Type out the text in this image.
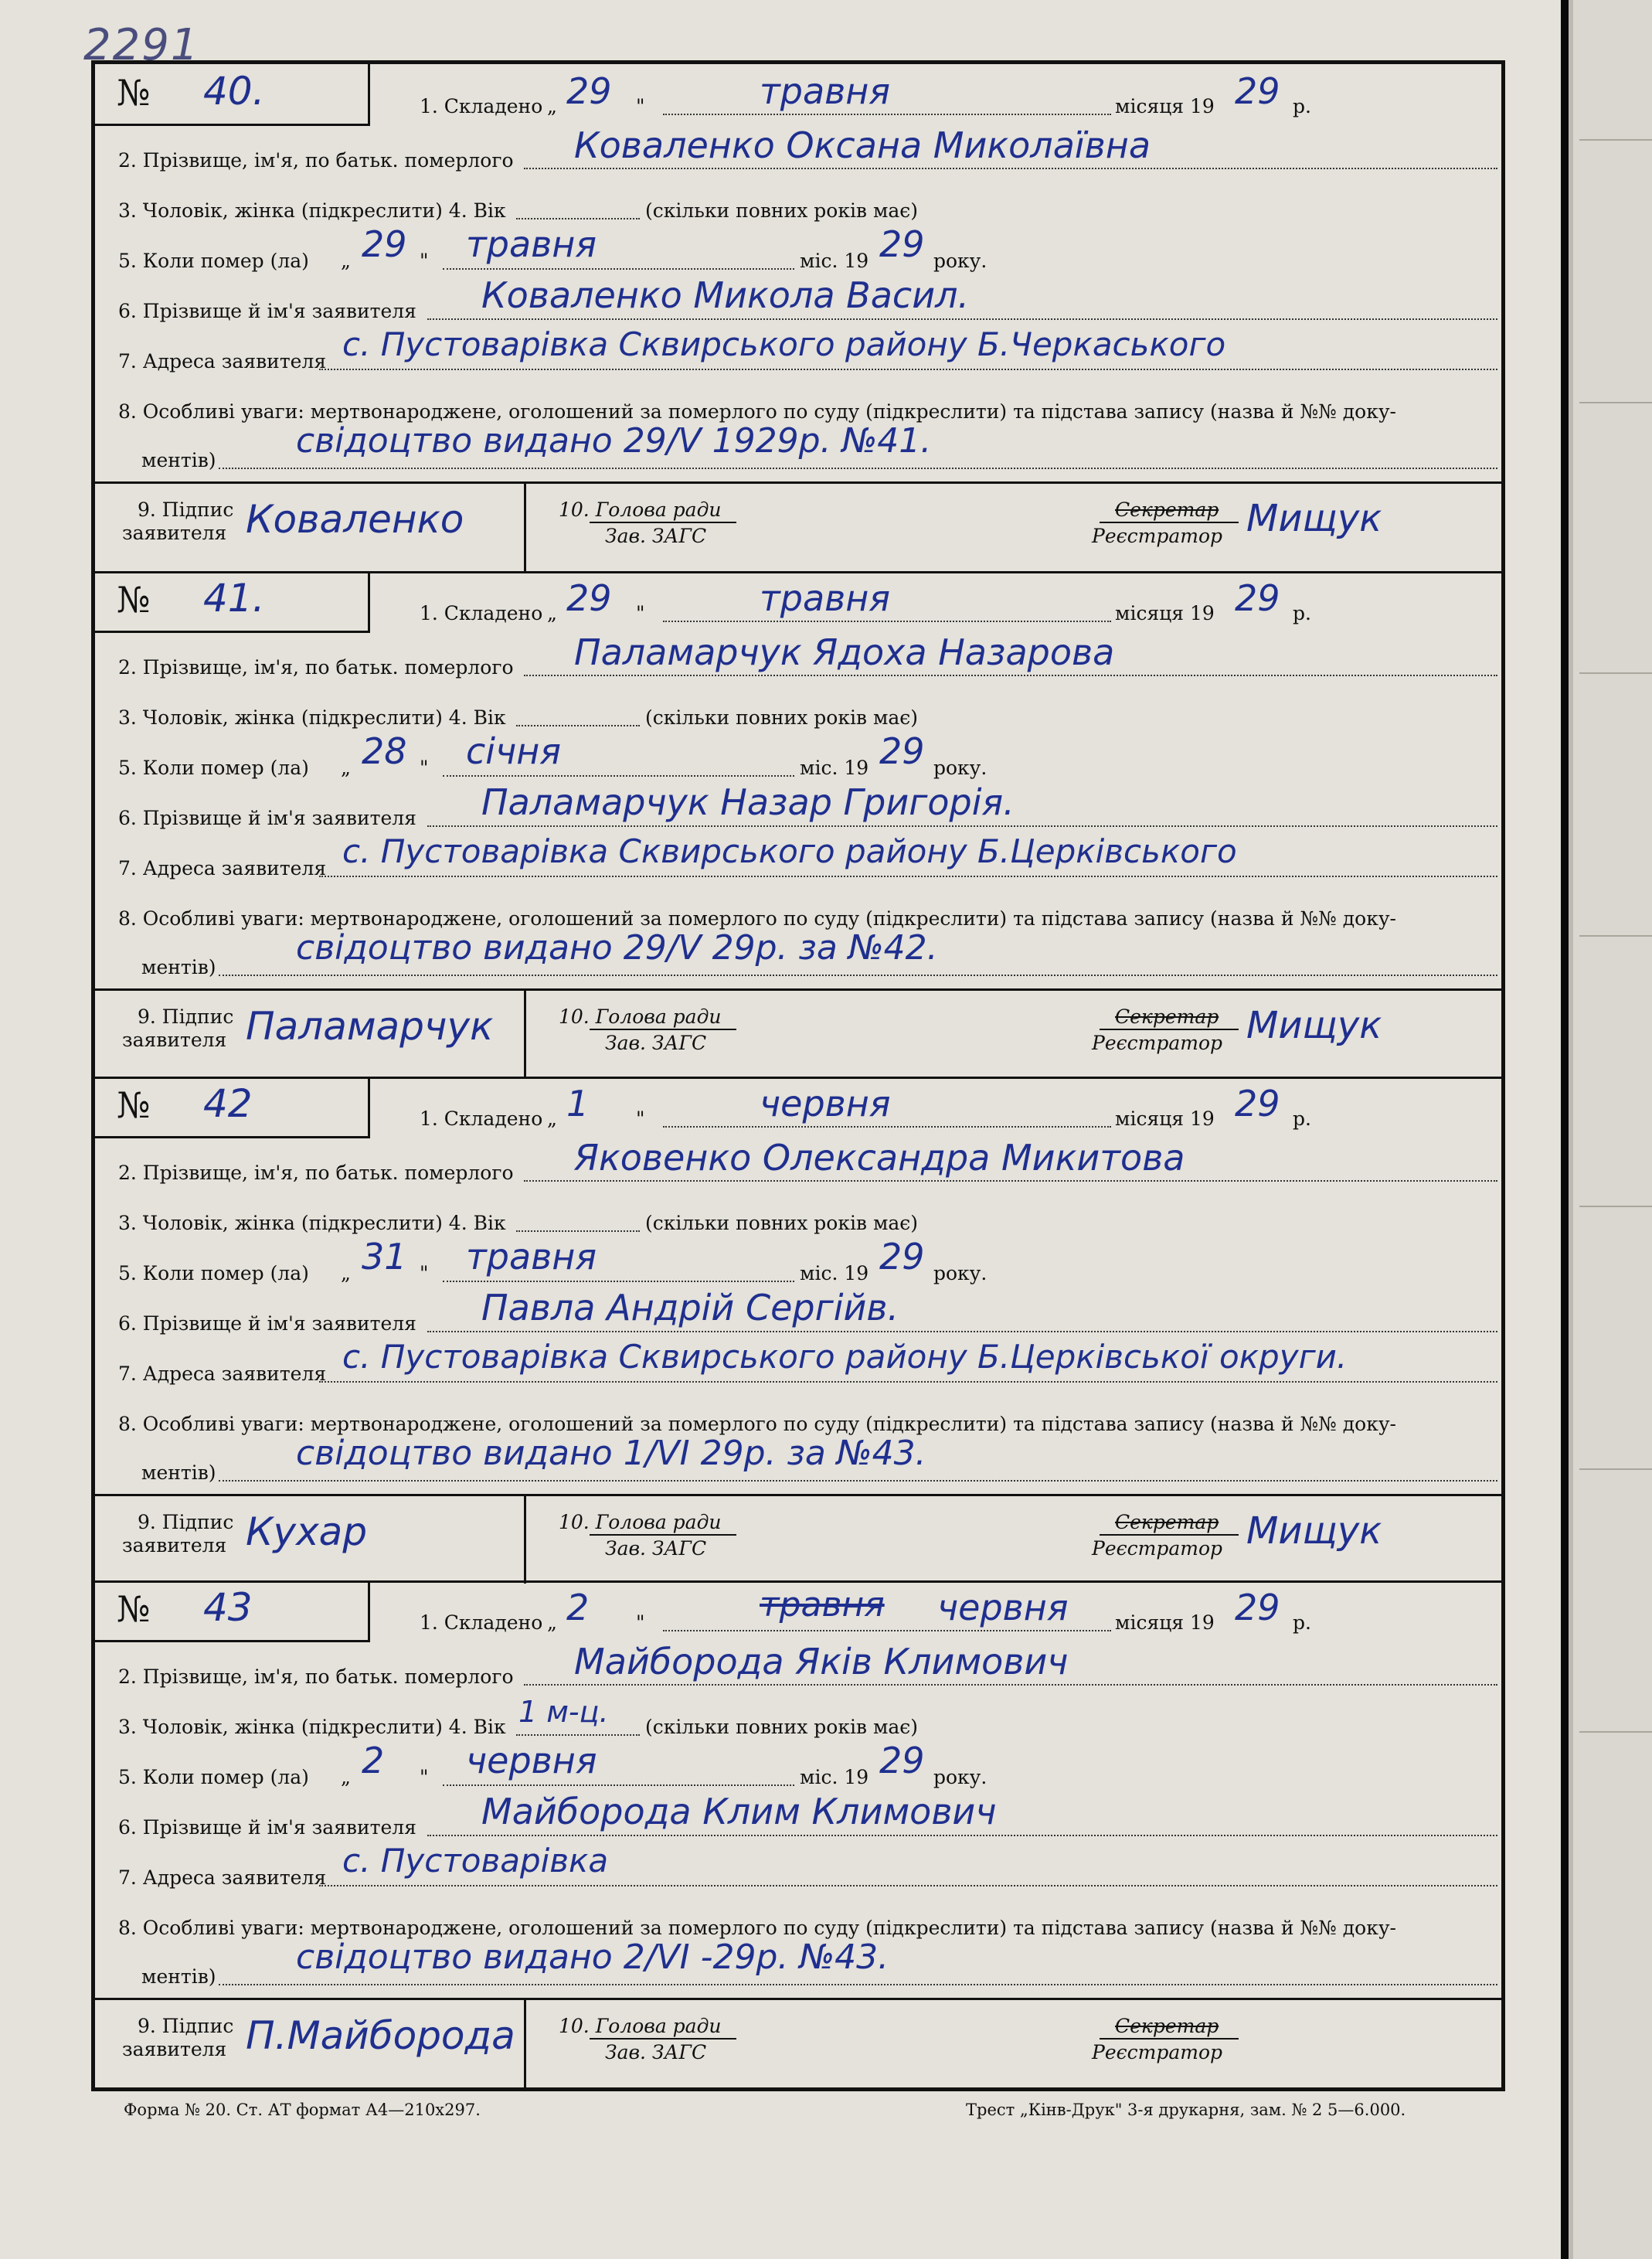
2291
№ 40.	1. Складено „ 29 "	травня	місяця 19 29 р.
2. Прізвище, ім'я, по батьк. померлого Коваленко Оксана Миколаївна
3. Чоловік, жінка (підкреслити) 4. Вік	(скільки повних років має)
5. Коли помер (ла) „ 29 " травня	міс. 19 29 року.
6. Прізвище й ім'я заявителя Коваленко Микола Васил.
7. Адреса заявителя с. Пустоварівка Сквирського району Б.Черкаського
8. Особливі уваги: мертвонароджене, оголошений за померлого по суду (підкреслити) та підстава запису (назва й №№ доку-
ментів) свідоцтво видано 29/V 1929р. №41.
9. Підпис
заявителя Коваленко	10. Голова ради
Зав. ЗАГС
Секретар
Реєстратор Мищук
№ 41.	1. Складено „ 29 "	травня	місяця 19 29 р.
2. Прізвище, ім'я, по батьк. померлого Паламарчук Ядоха Назарова
3. Чоловік, жінка (підкреслити) 4. Вік	(скільки повних років має)
5. Коли помер (ла) „ 28 " січня	міс. 19 29 року.
6. Прізвище й ім'я заявителя Паламарчук Назар Григорія.
7. Адреса заявителя с. Пустоварівка Сквирського району Б.Церківського
8. Особливі уваги: мертвонароджене, оголошений за померлого по суду (підкреслити) та підстава запису (назва й №№ доку-
ментів) свідоцтво видано 29/V 29р. за №42.
9. Підпис
заявителя Паламарчук	10. Голова ради
Зав. ЗАГС
Секретар
Реєстратор Мищук
№ 42	1. Складено „ 1 "	червня	місяця 19 29 р.
2. Прізвище, ім'я, по батьк. померлого Яковенко Олександра Микитова
3. Чоловік, жінка (підкреслити) 4. Вік	(скільки повних років має)
5. Коли помер (ла) „ 31 " травня	міс. 19 29 року.
6. Прізвище й ім'я заявителя Павла Андрій Сергійв.
7. Адреса заявителя с. Пустоварівка Сквирського району Б.Церківської округи.
8. Особливі уваги: мертвонароджене, оголошений за померлого по суду (підкреслити) та підстава запису (назва й №№ доку-
ментів) свідоцтво видано 1/VI 29р. за №43.
9. Підпис
заявителя Кухар	10. Голова ради
Зав. ЗАГС
Секретар
Реєстратор Мищук
№ 43	1. Складено „ 2 "	травня червня місяця 19 29 р.
2. Прізвище, ім'я, по батьк. померлого Майборода Яків Климович
3. Чоловік, жінка (підкреслити) 4. Вік 1 м-ц. (скільки повних років має)
5. Коли помер (ла) „ 2 " червня	міс. 19 29 року.
6. Прізвище й ім'я заявителя Майборода Клим Климович
7. Адреса заявителя с. Пустоварівка
8. Особливі уваги: мертвонароджене, оголошений за померлого по суду (підкреслити) та підстава запису (назва й №№ доку-
ментів) свідоцтво видано 2/VI -29р. №43.
9. Підпис
заявителя П.Майборода 10. Голова ради
Зав. ЗАГС
Секретар
Реєстратор
Форма № 20. Ст. АТ формат А4—210x297.	Трест „Кінв-Друк" 3-я друкарня, зам. № 2 5—6.000.
